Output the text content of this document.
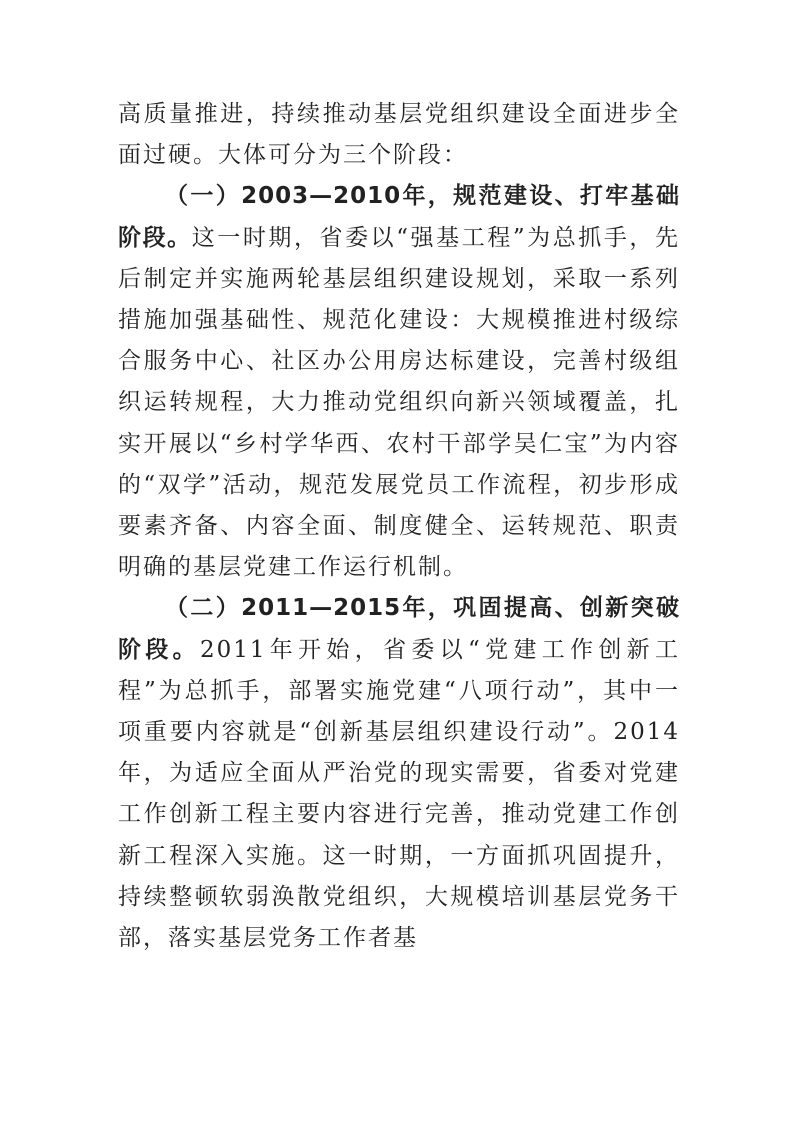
高质量推进，持续推动基层党组织建设全面进步全面过硬。大体可分为三个阶段：

（一）2003—2010年，规范建设、打牢基础阶段。这一时期，省委以“强基工程”为总抓手，先后制定并实施两轮基层组织建设规划，采取一系列措施加强基础性、规范化建设：大规模推进村级综合服务中心、社区办公用房达标建设，完善村级组织运转规程，大力推动党组织向新兴领域覆盖，扎实开展以“乡村学华西、农村干部学吴仁宝”为内容的“双学”活动，规范发展党员工作流程，初步形成要素齐备、内容全面、制度健全、运转规范、职责明确的基层党建工作运行机制。

（二）2011—2015年，巩固提高、创新突破阶段。2011年开始，省委以“党建工作创新工程”为总抓手，部署实施党建“八项行动”，其中一项重要内容就是“创新基层组织建设行动”。2014年，为适应全面从严治党的现实需要，省委对党建工作创新工程主要内容进行完善，推动党建工作创新工程深入实施。这一时期，一方面抓巩固提升，持续整顿软弱涣散党组织，大规模培训基层党务干部，落实基层党务工作者基
